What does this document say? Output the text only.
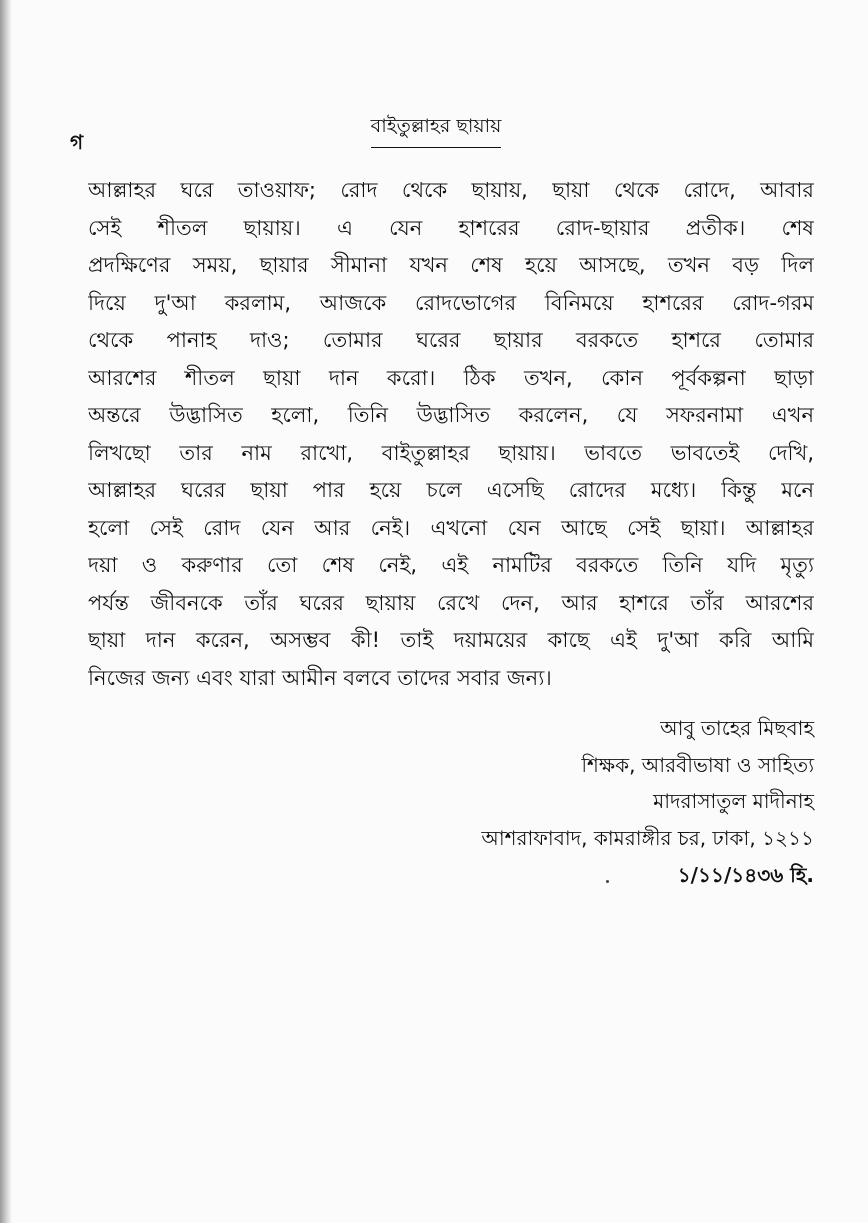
গ
বাইতুল্লাহর ছায়ায়

আল্লাহর ঘরে তাওয়াফ; রোদ থেকে ছায়ায়, ছায়া থেকে রোদে, আবার
সেই শীতল ছায়ায়। এ যেন হাশরের রোদ-ছায়ার প্রতীক। শেষ
প্রদক্ষিণের সময়, ছায়ার সীমানা যখন শেষ হয়ে আসছে, তখন বড় দিল
দিয়ে দু'আ করলাম, আজকে রোদভোগের বিনিময়ে হাশরের রোদ-গরম
থেকে পানাহ দাও; তোমার ঘরের ছায়ার বরকতে হাশরে তোমার
আরশের শীতল ছায়া দান করো। ঠিক তখন, কোন পূর্বকল্পনা ছাড়া
অন্তরে উদ্ভাসিত হলো, তিনি উদ্ভাসিত করলেন, যে সফরনামা এখন
লিখছো তার নাম রাখো, বাইতুল্লাহর ছায়ায়। ভাবতে ভাবতেই দেখি,
আল্লাহর ঘরের ছায়া পার হয়ে চলে এসেছি রোদের মধ্যে। কিন্তু মনে
হলো সেই রোদ যেন আর নেই। এখনো যেন আছে সেই ছায়া। আল্লাহর
দয়া ও করুণার তো শেষ নেই, এই নামটির বরকতে তিনি যদি মৃত্যু
পর্যন্ত জীবনকে তাঁর ঘরের ছায়ায় রেখে দেন, আর হাশরে তাঁর আরশের
ছায়া দান করেন, অসম্ভব কী! তাই দয়াময়ের কাছে এই দু'আ করি আমি
নিজের জন্য এবং যারা আমীন বলবে তাদের সবার জন্য।

আবু তাহের মিছবাহ
শিক্ষক, আরবীভাষা ও সাহিত্য
মাদরাসাতুল মাদীনাহ
আশরাফাবাদ, কামরাঙ্গীর চর, ঢাকা, ১২১১
১/১১/১৪৩৬ হি.
